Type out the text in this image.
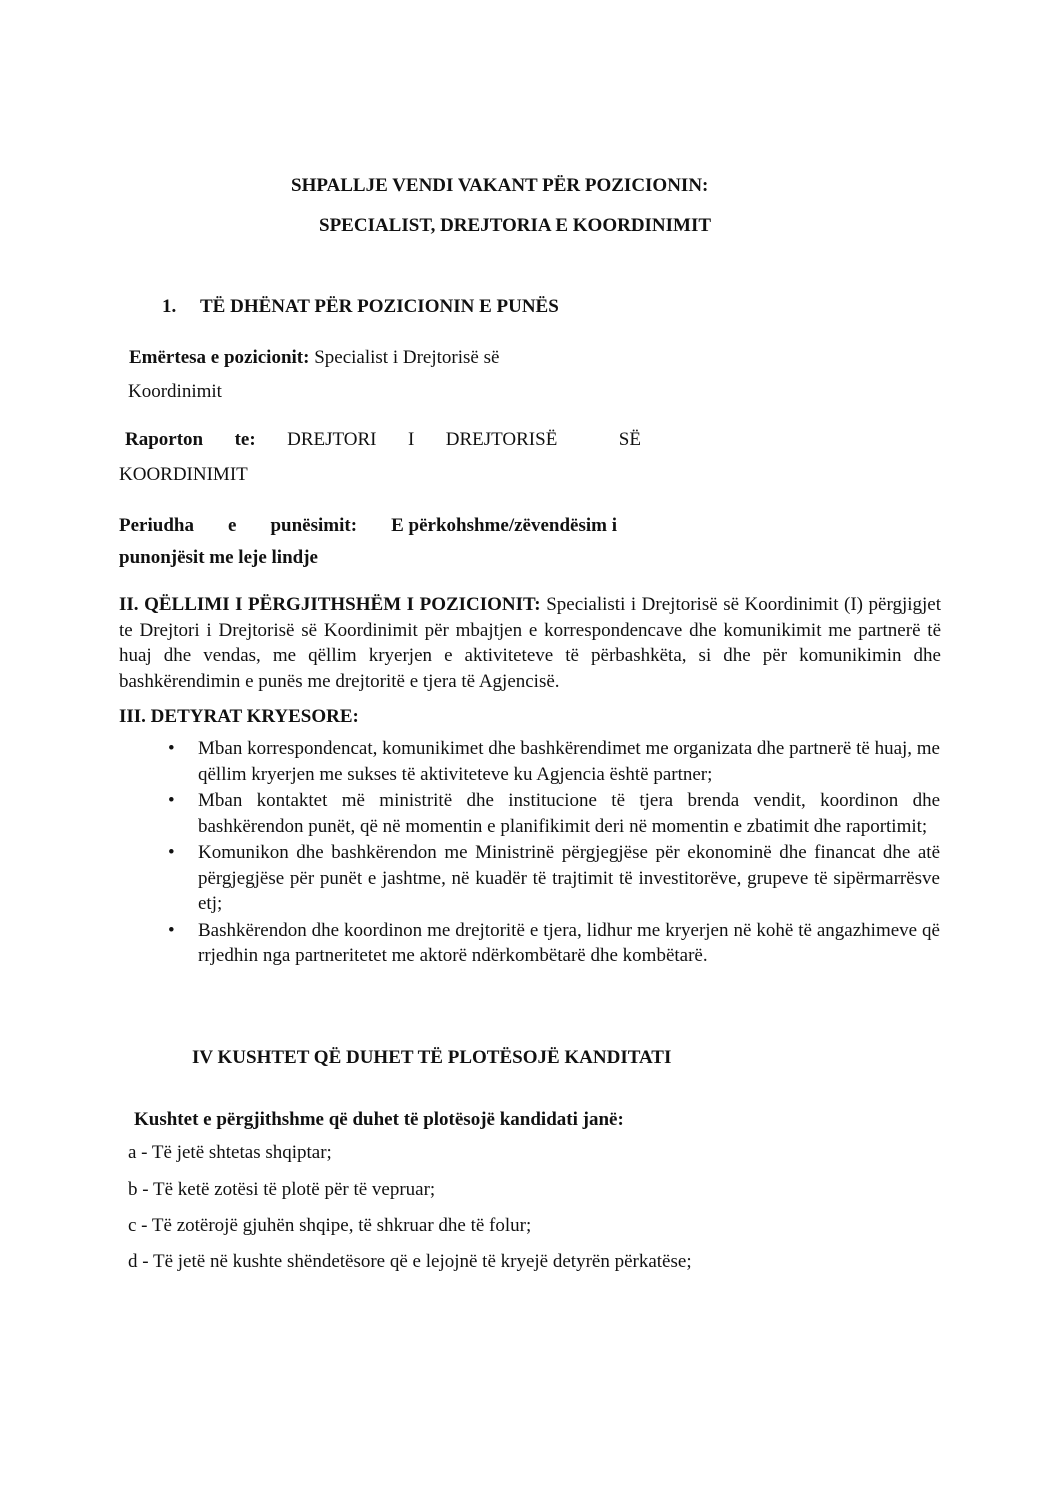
SHPALLJE VENDI VAKANT PËR POZICIONIN:
SPECIALIST, DREJTORIA E KOORDINIMIT
1. TË DHËNAT PËR POZICIONIN E PUNËS
Emërtesa e pozicionit: Specialist i Drejtorisë së
Koordinimit
Raporton te: DREJTORI I DREJTORISË	SË
KOORDINIMIT
Periudha e punësimit: E përkohshme/zëvendësim i
punonjësit me leje lindje
II. QËLLIMI I PËRGJITHSHËM I POZICIONIT: Specialisti i Drejtorisë së Koordinimit (I) përgjigjet te Drejtori i Drejtorisë së Koordinimit për mbajtjen e korrespondencave dhe komunikimit me partnerë të huaj dhe vendas, me qëllim kryerjen e aktiviteteve të përbashkëta, si dhe për komunikimin dhe bashkërendimin e punës me drejtoritë e tjera të Agjencisë.
III. DETYRAT KRYESORE:
• Mban korrespondencat, komunikimet dhe bashkërendimet me organizata dhe partnerë të huaj, me qëllim kryerjen me sukses të aktiviteteve ku Agjencia është partner;
• Mban kontaktet më ministritë dhe institucione të tjera brenda vendit, koordinon dhe bashkërendon punët, që në momentin e planifikimit deri në momentin e zbatimit dhe raportimit;
• Komunikon dhe bashkërendon me Ministrinë përgjegjëse për ekonominë dhe financat dhe atë përgjegjëse për punët e jashtme, në kuadër të trajtimit të investitorëve, grupeve të sipërmarrësve etj;
• Bashkërendon dhe koordinon me drejtoritë e tjera, lidhur me kryerjen në kohë të angazhimeve që rrjedhin nga partneritetet me aktorë ndërkombëtarë dhe kombëtarë.
IV KUSHTET QË DUHET TË PLOTËSOJË KANDITATI
Kushtet e përgjithshme që duhet të plotësojë kandidati janë:
a - Të jetë shtetas shqiptar;
b - Të ketë zotësi të plotë për të vepruar;
c - Të zotërojë gjuhën shqipe, të shkruar dhe të folur;
d - Të jetë në kushte shëndetësore që e lejojnë të kryejë detyrën përkatëse;
